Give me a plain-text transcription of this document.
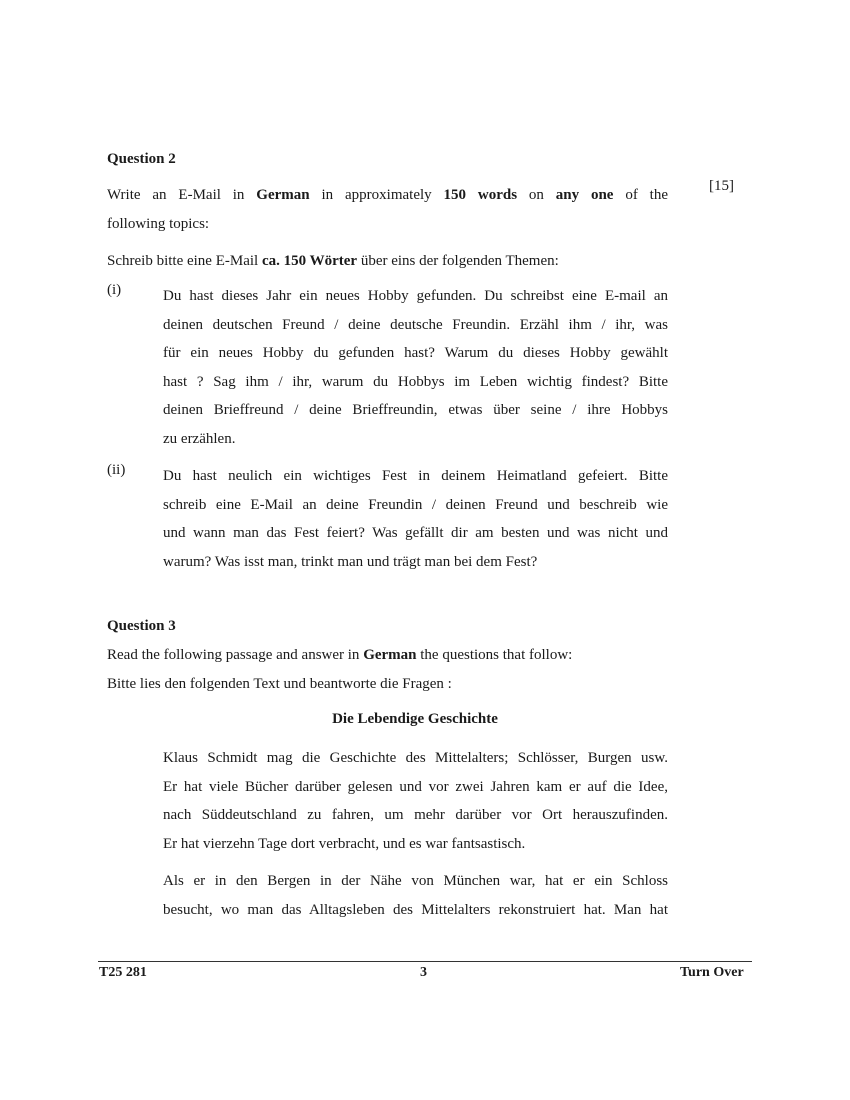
Question 2
[15]
Write an E-Mail in German in approximately 150 words on any one of the
following topics:
Schreib bitte eine E-Mail ca. 150 Wörter über eins der folgenden Themen:
(i)	Du hast dieses Jahr ein neues Hobby gefunden. Du schreibst eine E-mail an
deinen deutschen Freund / deine deutsche Freundin. Erzähl ihm / ihr, was
für ein neues Hobby du gefunden hast? Warum du dieses Hobby gewählt
hast ? Sag ihm / ihr, warum du Hobbys im Leben wichtig findest? Bitte
deinen Brieffreund / deine Brieffreundin, etwas über seine / ihre Hobbys
zu erzählen.
(ii)	Du hast neulich ein wichtiges Fest in deinem Heimatland gefeiert. Bitte
schreib eine E-Mail an deine Freundin / deinen Freund und beschreib wie
und wann man das Fest feiert? Was gefällt dir am besten und was nicht und
warum? Was isst man, trinkt man und trägt man bei dem Fest?
Question 3
Read the following passage and answer in German the questions that follow:
Bitte lies den folgenden Text und beantworte die Fragen :
Die Lebendige Geschichte
Klaus Schmidt mag die Geschichte des Mittelalters; Schlösser, Burgen usw.
Er hat viele Bücher darüber gelesen und vor zwei Jahren kam er auf die Idee,
nach Süddeutschland zu fahren, um mehr darüber vor Ort herauszufinden.
Er hat vierzehn Tage dort verbracht, und es war fantsastisch.
Als er in den Bergen in der Nähe von München war, hat er ein Schloss
besucht, wo man das Alltagsleben des Mittelalters rekonstruiert hat. Man hat
T25 281	3	Turn Over
